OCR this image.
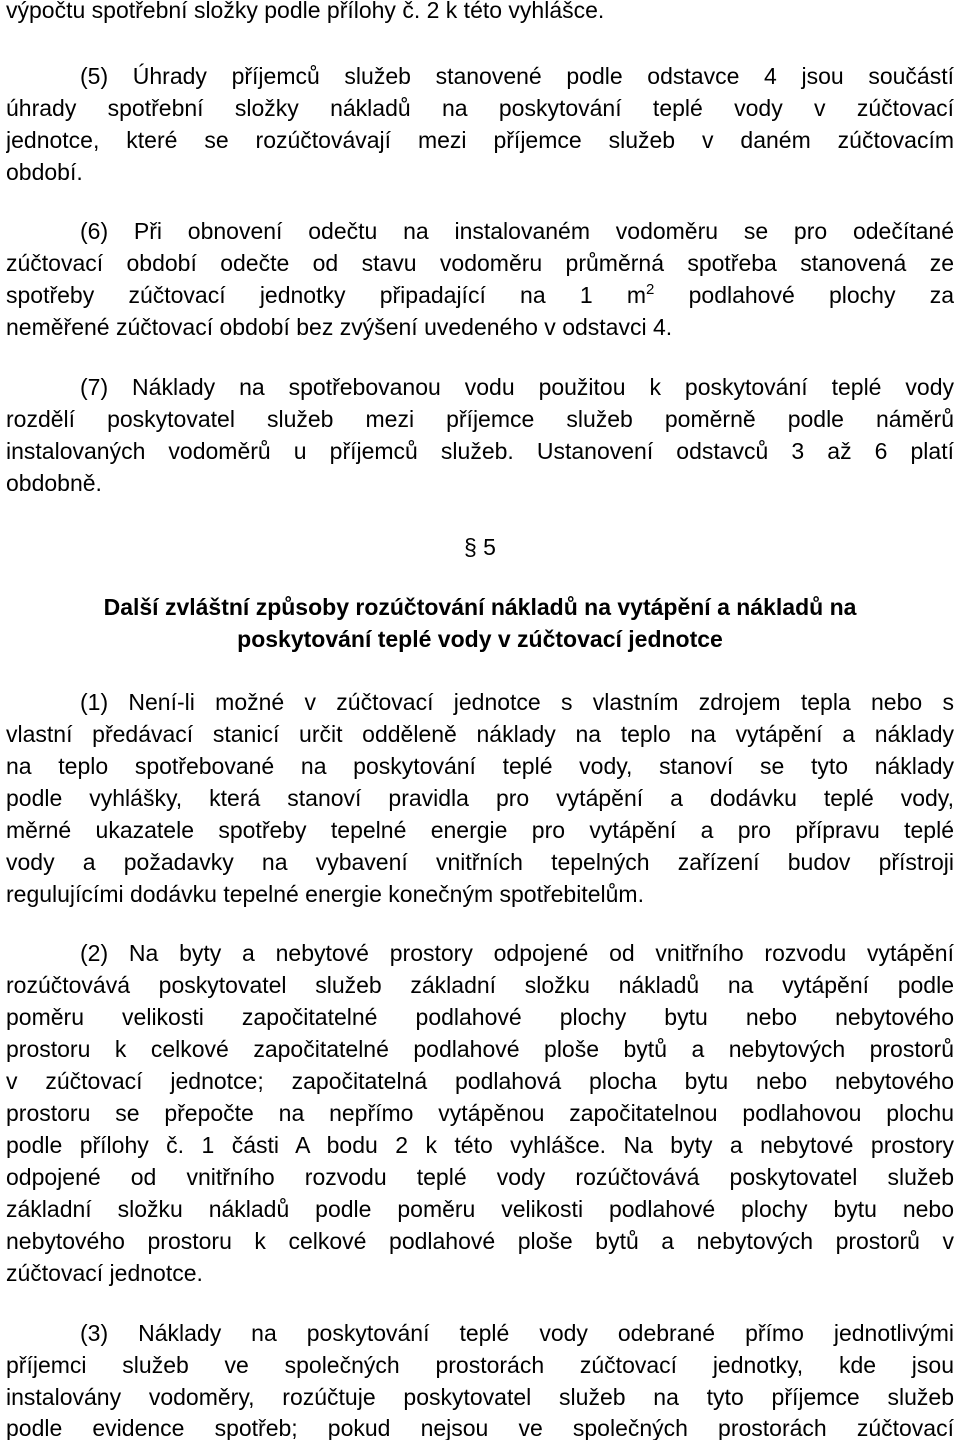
výpočtu spotřební složky podle přílohy č. 2 k této vyhlášce.
(5) Úhrady příjemců služeb stanovené podle odstavce 4 jsou součástí
úhrady spotřební složky nákladů na poskytování teplé vody v zúčtovací
jednotce, které se rozúčtovávají mezi příjemce služeb v daném zúčtovacím
období.
(6) Při obnovení odečtu na instalovaném vodoměru se pro odečítané
zúčtovací období odečte od stavu vodoměru průměrná spotřeba stanovená ze
spotřeby zúčtovací jednotky připadající na 1 $m^2$ podlahové plochy za
neměřené zúčtovací období bez zvýšení uvedeného v odstavci 4.
(7) Náklady na spotřebovanou vodu použitou k poskytování teplé vody
rozdělí poskytovatel služeb mezi příjemce služeb poměrně podle náměrů
instalovaných vodoměrů u příjemců služeb. Ustanovení odstavců 3 až 6 platí
obdobně.
§ 5
Další zvláštní způsoby rozúčtování nákladů na vytápění a nákladů na
poskytování teplé vody v zúčtovací jednotce
(1) Není-li možné v zúčtovací jednotce s vlastním zdrojem tepla nebo s
vlastní předávací stanicí určit odděleně náklady na teplo na vytápění a náklady
na teplo spotřebované na poskytování teplé vody, stanoví se tyto náklady
podle vyhlášky, která stanoví pravidla pro vytápění a dodávku teplé vody,
měrné ukazatele spotřeby tepelné energie pro vytápění a pro přípravu teplé
vody a požadavky na vybavení vnitřních tepelných zařízení budov přístroji
regulujícími dodávku tepelné energie konečným spotřebitelům.
(2) Na byty a nebytové prostory odpojené od vnitřního rozvodu vytápění
rozúčtovává poskytovatel služeb základní složku nákladů na vytápění podle
poměru velikosti započitatelné podlahové plochy bytu nebo nebytového
prostoru k celkové započitatelné podlahové ploše bytů a nebytových prostorů
v zúčtovací jednotce; započitatelná podlahová plocha bytu nebo nebytového
prostoru se přepočte na nepřímo vytápěnou započitatelnou podlahovou plochu
podle přílohy č. 1 části A bodu 2 k této vyhlášce. Na byty a nebytové prostory
odpojené od vnitřního rozvodu teplé vody rozúčtovává poskytovatel služeb
základní složku nákladů podle poměru velikosti podlahové plochy bytu nebo
nebytového prostoru k celkové podlahové ploše bytů a nebytových prostorů v
zúčtovací jednotce.
(3) Náklady na poskytování teplé vody odebrané přímo jednotlivými
příjemci služeb ve společných prostorách zúčtovací jednotky, kde jsou
instalovány vodoměry, rozúčtuje poskytovatel služeb na tyto příjemce služeb
podle evidence spotřeb; pokud nejsou ve společných prostorách zúčtovací
